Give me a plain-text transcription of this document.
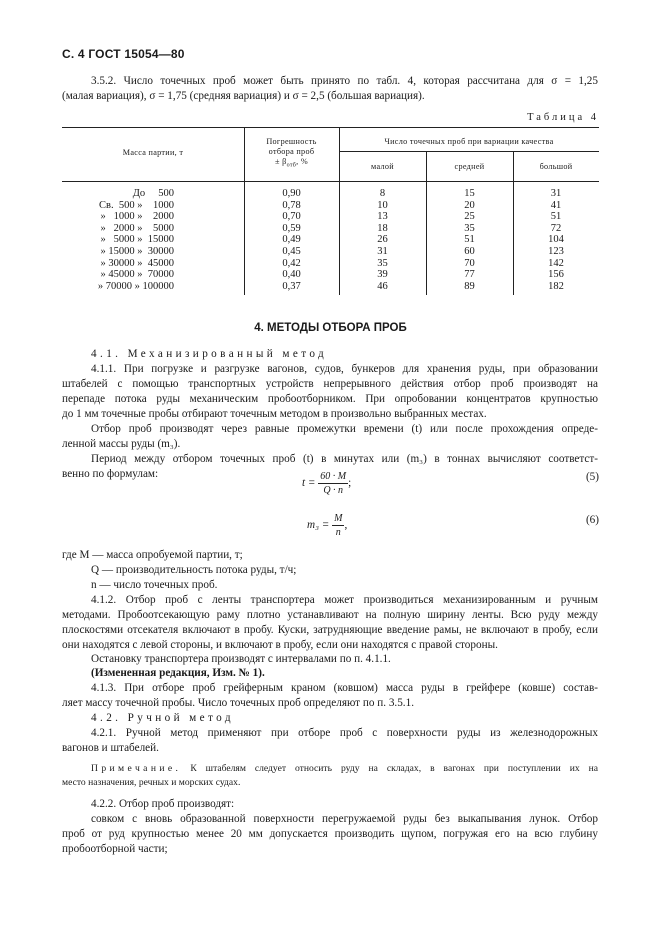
С. 4 ГОСТ 15054—80
3.5.2. Число точечных проб может быть принято по табл. 4, которая рассчитана для σ = 1,25
(малая вариация), σ = 1,75 (средняя вариация) и σ = 2,5 (большая вариация).
Таблица 4
Масса партии, т
Погрешность
отбора проб
± $\beta_{отб}$, %
Число точечных проб при вариации качества
малой	средней	большой
До     500	0,90	8	15	31
Св.  500 »    1000	0,78	10	20	41
»   1000 »    2000	0,70	13	25	51
»   2000 »    5000	0,59	18	35	72
»   5000 »  15000	0,49	26	51	104
» 15000 »  30000	0,45	31	60	123
» 30000 »  45000	0,42	35	70	142
» 45000 »  70000	0,40	39	77	156
» 70000 » 100000	0,37	46	89	182
4. МЕТОДЫ ОТБОРА ПРОБ
4.1. Механизированный метод
4.1.1. При погрузке и разгрузке вагонов, судов, бункеров для хранения руды, при образовании
штабелей с помощью транспортных устройств непрерывного действия отбор проб производят на
перепаде потока руды механическим пробоотборником. При опробовании концентратов крупностью
до 1 мм точечные пробы отбирают точечным методом в произвольно выбранных местах.
Отбор проб производят через равные промежутки времени (t) или после прохождения опреде-
ленной массы руды (m₃).
Период между отбором точечных проб (t) в минутах или (m₃) в тоннах вычисляют соответст-
венно по формулам:
$t = \frac{60 \cdot M}{Q \cdot n}$ ;
(5)
$m_3 = \frac{M}{n}$ ,	(6)
где M — масса опробуемой партии, т;
Q — производительность потока руды, т/ч;
n — число точечных проб.
4.1.2. Отбор проб с ленты транспортера может производиться механизированным и ручным
методами. Пробоотсекающую раму плотно устанавливают на полную ширину ленты. Всю руду между
плоскостями отсекателя включают в пробу. Куски, затрудняющие введение рамы, не включают в пробу, если
они находятся с левой стороны, и включают в пробу, если они находятся с правой стороны.
Остановку транспортера производят с интервалами по п. 4.1.1.
(Измененная редакция, Изм. № 1).
4.1.3. При отборе проб грейферным краном (ковшом) масса руды в грейфере (ковше) состав-
ляет массу точечной пробы. Число точечных проб определяют по п. 3.5.1.
4.2. Ручной метод
4.2.1. Ручной метод применяют при отборе проб с поверхности руды из железнодорожных
вагонов и штабелей.
Примечание. К штабелям следует относить руду на складах, в вагонах при поступлении их на
место назначения, речных и морских судах.
4.2.2. Отбор проб производят:
совком с вновь образованной поверхности перегружаемой руды без выкапывания лунок. Отбор
проб от руд крупностью менее 20 мм допускается производить щупом, погружая его на всю глубину
пробоотборной части;
